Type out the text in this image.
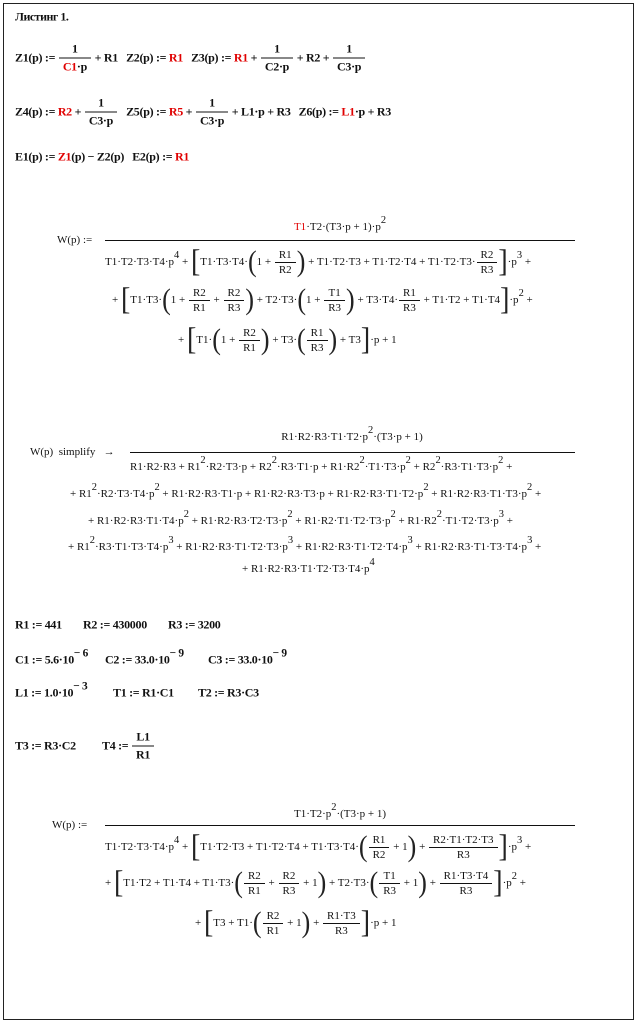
Листинг 1.
Z1(p) := $\frac{1}{C1 \cdot p} + R1$   Z2(p) := R1 Z3(p) := $R1 + \frac{1}{C2\cdot p} + R2 + \frac{1}{C3\cdot p}$
Z4(p) := $R2 + \frac{1}{C3\cdot p} Z5(p)$ := $R5 + \frac{1}{C3\cdot p} + L1\cdot p + R3$   Z6(p) := L1 ·p + R3
E1(p) := Z1 (p) − Z2(p)   E2(p) := R1
W(p) :=
T1 ·T2·(T3·p + 1)·p
2
T1·T2·T3·T4·p
4
+ [ T1·T3·T4· ( $1 + \frac{R1}{R2}$ ) + $T1\cdot T2\cdot T3 + T1\cdot T2\cdot T4 + T1\cdot T2\cdot T3\cdot \frac{R2}{R3}$ ] ·p
3
+
+ [ T1·T3· ( $1 + \frac{R2}{R1} + \frac{R2}{R3}$ ) + T2·T3· ( $1 + \frac{T1}{R3}$ ) + $T3\cdot T4\cdot \frac{R1}{R3} + T1\cdot T2 + T1\cdot T4$ ] ·p
2
+
+ [ T1· ( $1 + \frac{R2}{R1}$ ) + T3· ( $\frac{R1}{R3}$ ) + T3 ] ·p + 1
W(p)  simplify   →
R1·R2·R3·T1·T2·p
2
·(T3·p + 1)
R1·R2·R3 + R1
2
·R2·T3·p + R2
2
·R3·T1·p + R1·R2
2
·T1·T3·p
2
+ R2
2
·R3·T1·T3·p
2
+
+ R1
2
·R2·T3·T4·p
2
+ R1·R2·R3·T1·p + R1·R2·R3·T3·p + R1·R2·R3·T1·T2·p
2
+ R1·R2·R3·T1·T3·p
2
+
+ R1·R2·R3·T1·T4·p
2
+ R1·R2·R3·T2·T3·p
2
+ R1·R2·T1·T2·T3·p
2
+ R1·R2
2
·T1·T2·T3·p
3
+
+ R1
2
·R3·T1·T3·T4·p
3
+ R1·R2·R3·T1·T2·T3·p
3
+ R1·R2·R3·T1·T2·T4·p
3
+ R1·R2·R3·T1·T3·T4·p
3
+
+ R1·R2·R3·T1·T2·T3·T4·p
4
R1 := 441 R2 := 430000 R3 := 3200
C1 := 5.6·10 − 6 C2 := 33.0·10 − 9 C3 := 33.0·10 − 9
L1 := 1.0·10 − 3 T1 := R1·C1 T2 := R3·C3
T3 := R3·C2 T4 := $\frac{L1}{R1}$
W(p) :=
T1·T2·p
2
·(T3·p + 1)
T1·T2·T3·T4·p
4
+ [ T1·T2·T3 + T1·T2·T4 + T1·T3·T4· ( $\frac{R1}{R2} + 1$ ) + $\frac{R2\cdot T1\cdot T2\cdot T3}{R3}$ ] ·p
3
+
+ [ T1·T2 + T1·T4 + T1·T3· ( $\frac{R2}{R1} + \frac{R2}{R3} + 1$ ) + T2·T3· ( $\frac{T1}{R3} + 1$ ) + $\frac{R1\cdot T3\cdot T4}{R3}$ ] ·p
2
+
+ [ T3 + T1· ( $\frac{R2}{R1} + 1$ ) + $\frac{R1\cdot T3}{R3}$ ] ·p + 1
